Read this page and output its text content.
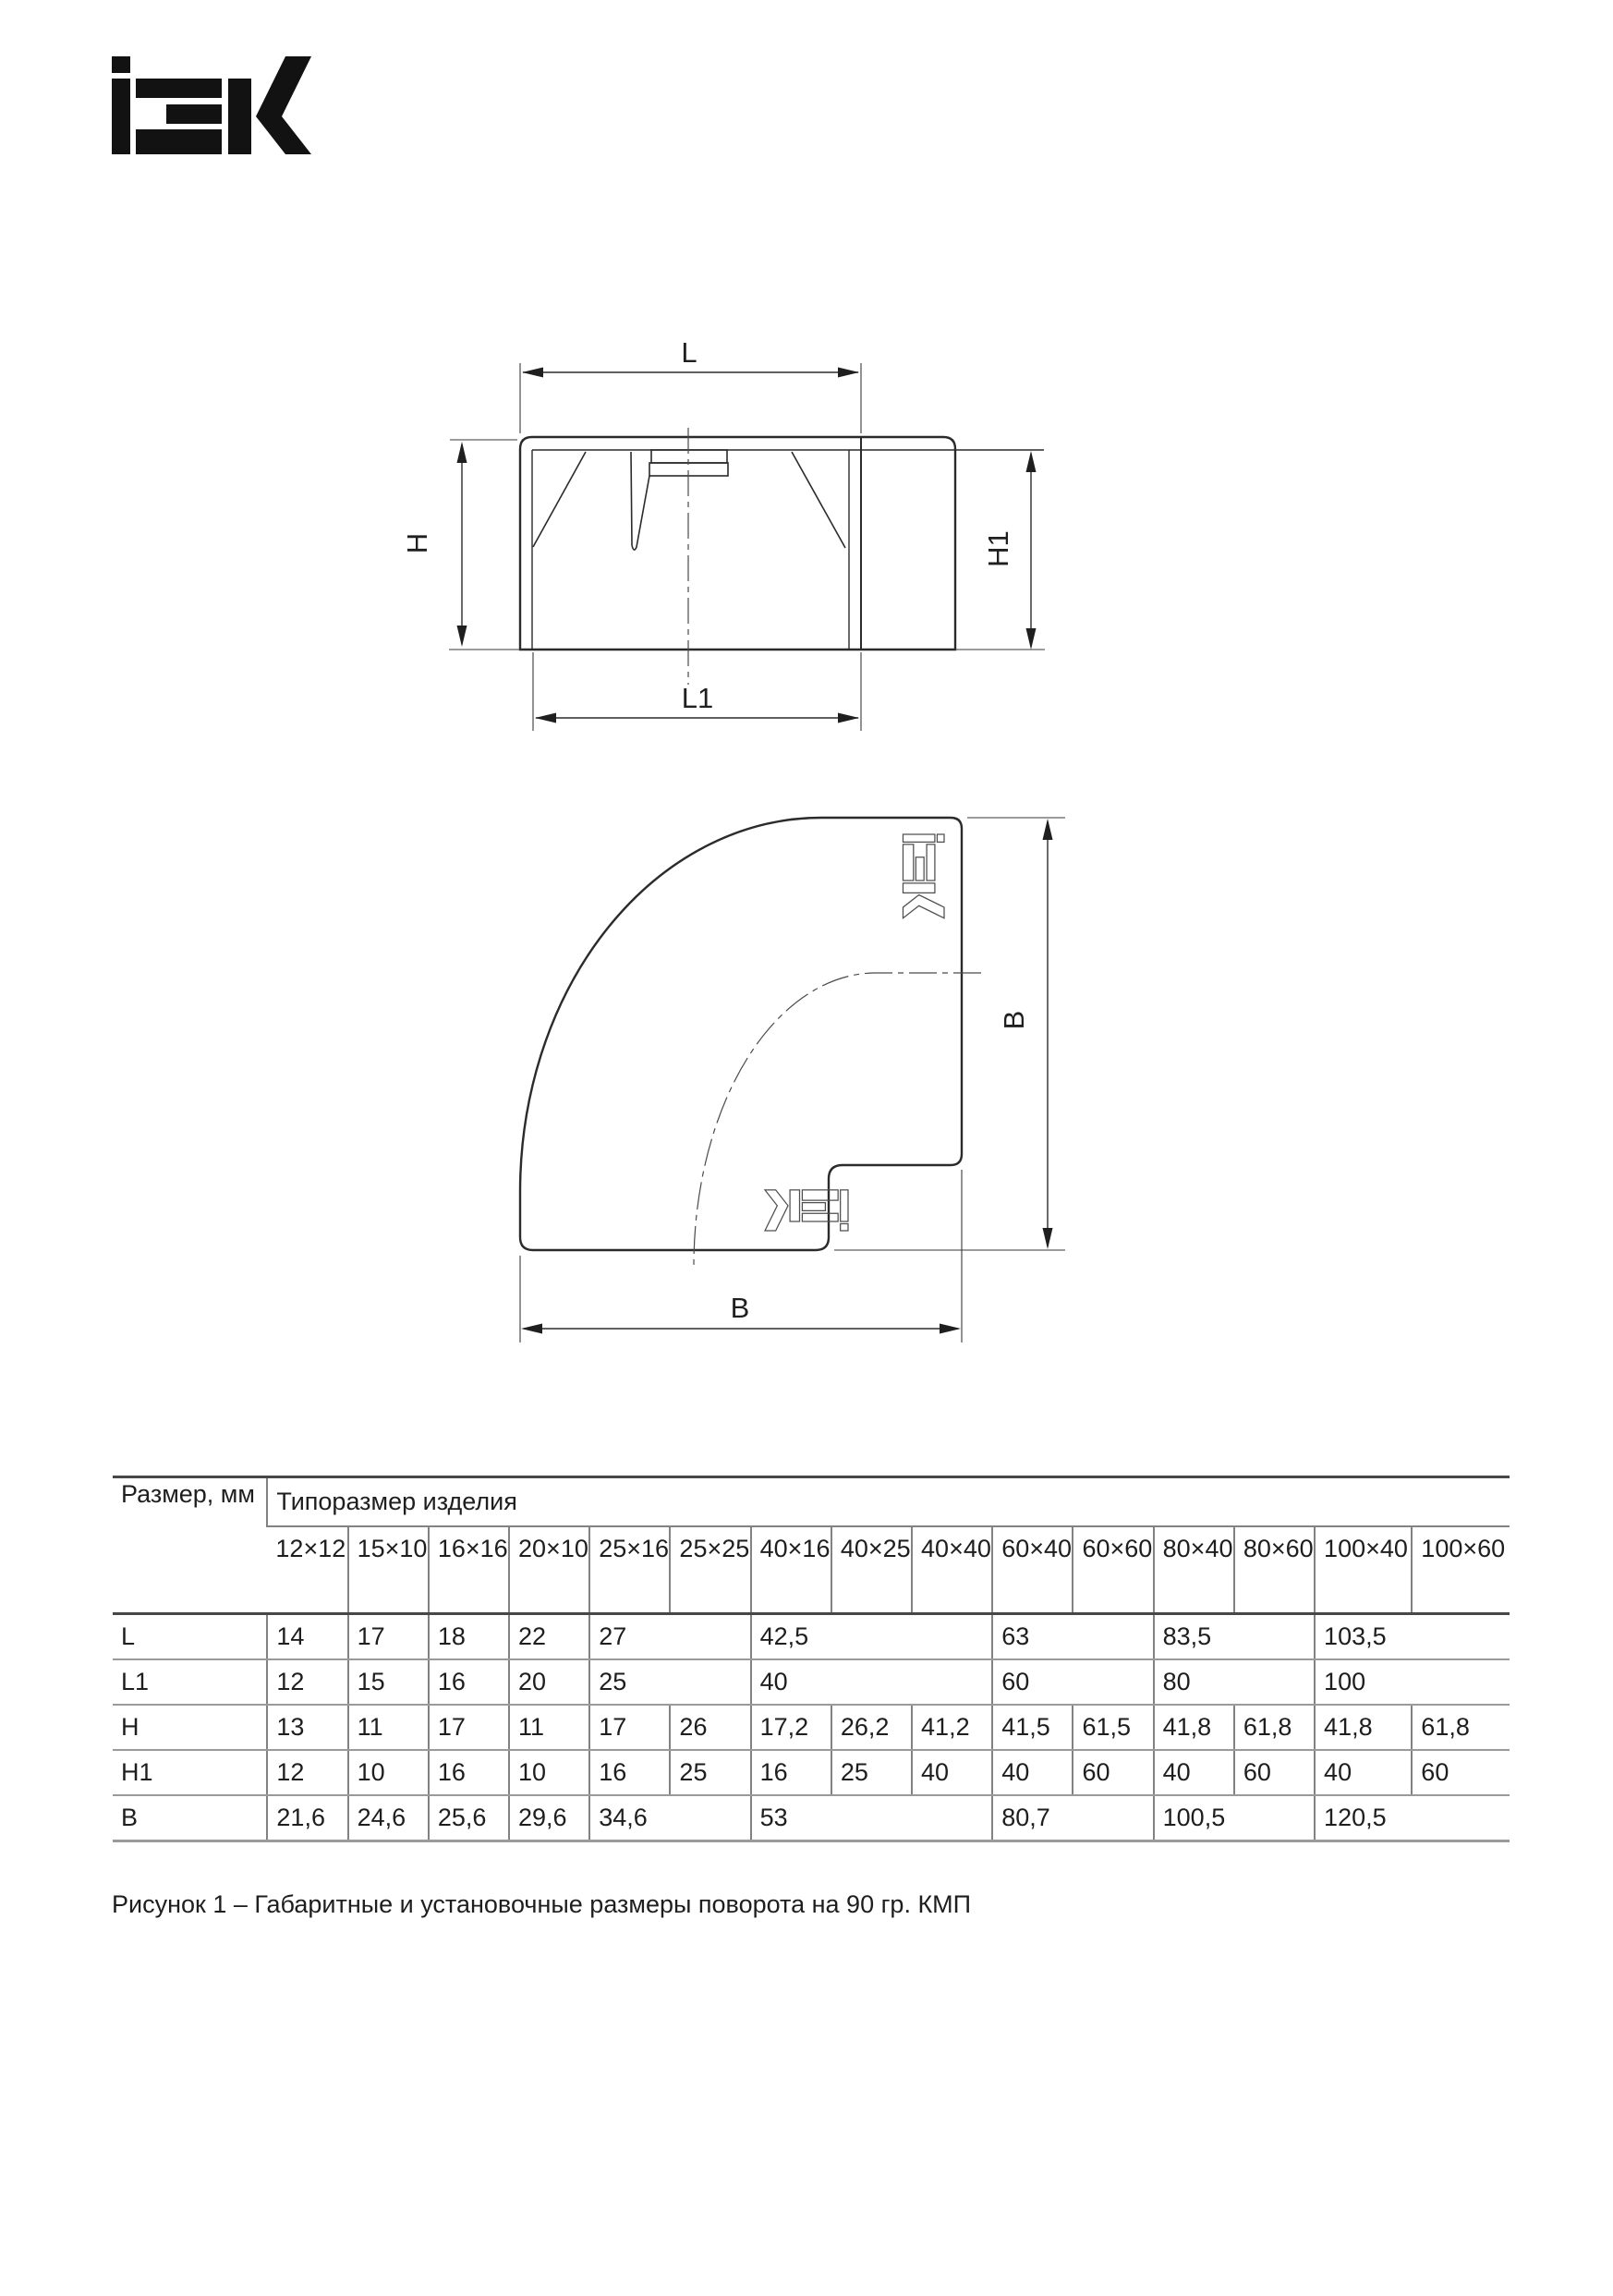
L
L1
H	H1
B
B
Размер, мм	Типоразмер изделия														
	12×12	15×10	16×16	20×10	25×16	25×25	40×16	40×25	40×40	60×40	60×60	80×40	80×60	100×40	100×60
L	14	17	18	22	27		42,5			63		83,5		103,5	
L1	12	15	16	20	25		40			60		80		100	
H	13	11	17	11	17	26	17,2	26,2	41,2	41,5	61,5	41,8	61,8	41,8	61,8
H1	12	10	16	10	16	25	16	25	40	40	60	40	60	40	60
B	21,6	24,6	25,6	29,6	34,6		53			80,7		100,5		120,5	
Рисунок 1 – Габаритные и установочные размеры поворота на 90 гр. КМП
